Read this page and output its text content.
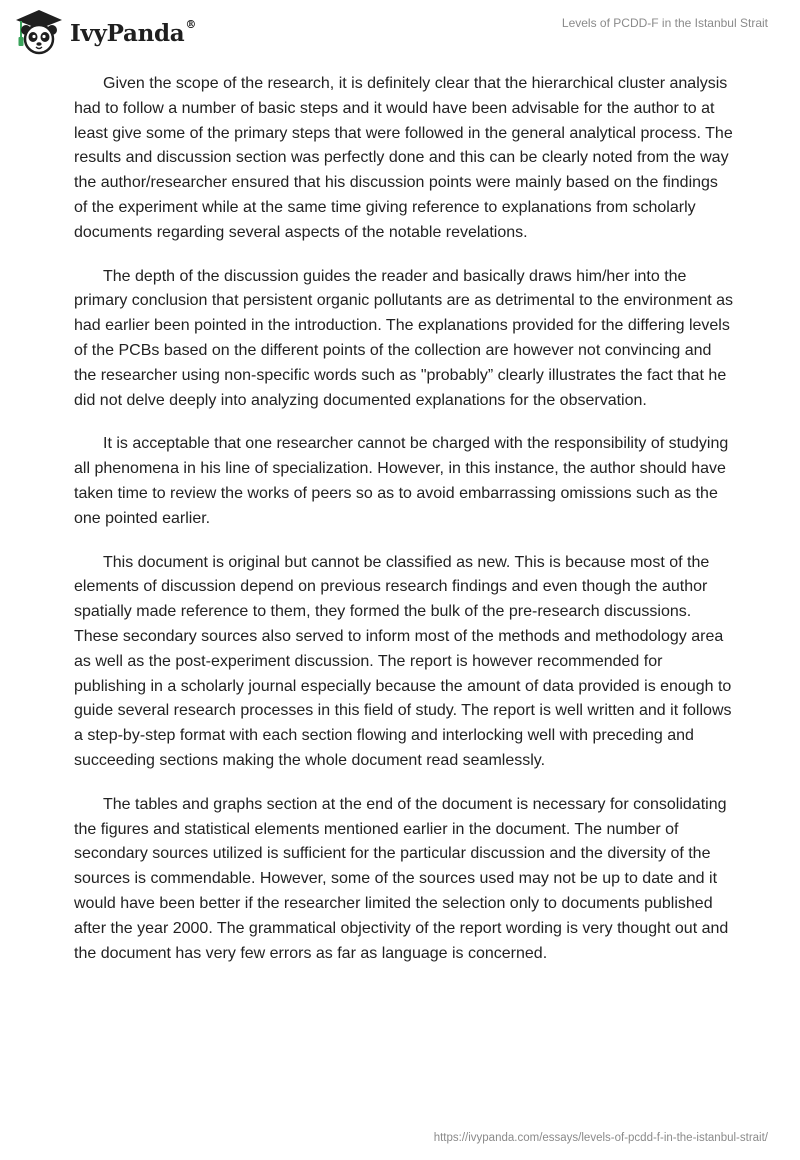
IvyPanda®	Levels of PCDD-F in the Istanbul Strait

Given the scope of the research, it is definitely clear that the hierarchical cluster analysis had to follow a number of basic steps and it would have been advisable for the author to at least give some of the primary steps that were followed in the general analytical process. The results and discussion section was perfectly done and this can be clearly noted from the way the author/researcher ensured that his discussion points were mainly based on the findings of the experiment while at the same time giving reference to explanations from scholarly documents regarding several aspects of the notable revelations.

The depth of the discussion guides the reader and basically draws him/her into the primary conclusion that persistent organic pollutants are as detrimental to the environment as had earlier been pointed in the introduction. The explanations provided for the differing levels of the PCBs based on the different points of the collection are however not convincing and the researcher using non-specific words such as "probably” clearly illustrates the fact that he did not delve deeply into analyzing documented explanations for the observation.

It is acceptable that one researcher cannot be charged with the responsibility of studying all phenomena in his line of specialization. However, in this instance, the author should have taken time to review the works of peers so as to avoid embarrassing omissions such as the one pointed earlier.

This document is original but cannot be classified as new. This is because most of the elements of discussion depend on previous research findings and even though the author spatially made reference to them, they formed the bulk of the pre-research discussions. These secondary sources also served to inform most of the methods and methodology area as well as the post-experiment discussion. The report is however recommended for publishing in a scholarly journal especially because the amount of data provided is enough to guide several research processes in this field of study. The report is well written and it follows a step-by-step format with each section flowing and interlocking well with preceding and succeeding sections making the whole document read seamlessly.

The tables and graphs section at the end of the document is necessary for consolidating the figures and statistical elements mentioned earlier in the document. The number of secondary sources utilized is sufficient for the particular discussion and the diversity of the sources is commendable. However, some of the sources used may not be up to date and it would have been better if the researcher limited the selection only to documents published after the year 2000. The grammatical objectivity of the report wording is very thought out and the document has very few errors as far as language is concerned.

https://ivypanda.com/essays/levels-of-pcdd-f-in-the-istanbul-strait/
